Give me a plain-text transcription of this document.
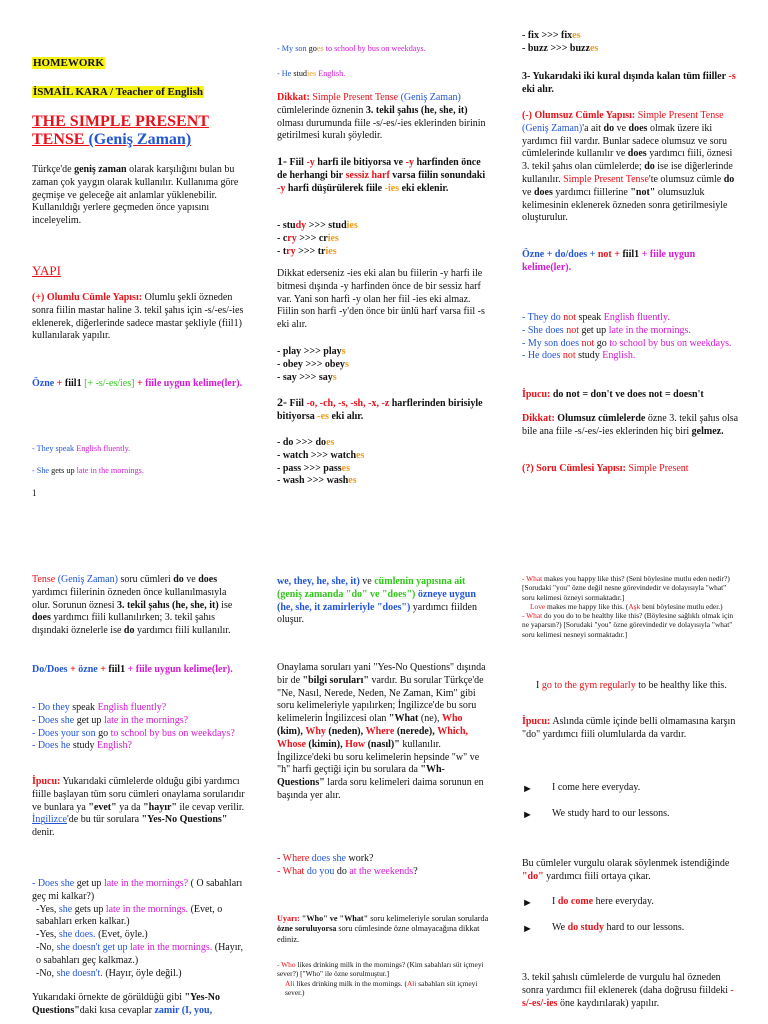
HOMEWORK
İSMAİL KARA / Teacher of English
THE SIMPLE PRESENT
TENSE (Geniş Zaman)
Türkçe'de geniş zaman olarak karşılığını bulan bu zaman çok yaygın olarak kullanılır. Kullanıma göre geçmişe ve geleceğe ait anlamlar yüklenebilir. Kullanıldığı yerlere geçmeden önce yapısını inceleyelim.
YAPI
(+) Olumlu Cümle Yapısı: Olumlu şekli özneden sonra fiilin mastar haline 3. tekil şahıs için -s/-es/-ies eklenerek, diğerlerinde sadece mastar şekliyle (fiil1) kullanılarak yapılır.
Özne + fiil1 [+ -s/-es/ies] + fiile uygun kelime(ler).
- They speak English fluently.
- She gets up late in the mornings.
1
- My son goes to school by bus on weekdays.
- He studies English.
Dikkat: Simple Present Tense (Geniş Zaman) cümlelerinde öznenin 3. tekil şahıs (he, she, it) olması durumunda fiile -s/-es/-ies eklerinden birinin getirilmesi kuralı şöyledir.
1- Fiil -y harfi ile bitiyorsa ve -y harfinden önce de herhangi bir sessiz harf varsa fiilin sonundaki -y harfi düşürülerek fiile -ies eki eklenir.
- study >>> studies
- cry >>> cries
- try >>> tries
Dikkat ederseniz -ies eki alan bu fiilerin -y harfi ile bitmesi dışında -y harfinden önce de bir sessiz harf var. Yani son harfi -y olan her fiil -ies eki almaz. Fiilin son harfi -y'den önce bir ünlü harf varsa fiil -s eki alır.
- play >>> plays
- obey >>> obeys
- say >>> says
2- Fiil -o, -ch, -s, -sh, -x, -z harflerinden birisiyle bitiyorsa -es eki alır.
- do >>> does
- watch >>> watches
- pass >>> passes
- wash >>> washes
- fix >>> fixes
- buzz >>> buzzes
3- Yukarıdaki iki kural dışında kalan tüm fiiller -s eki alır.
(-) Olumsuz Cümle Yapısı: Simple Present Tense (Geniş Zaman)'a ait do ve does olmak üzere iki yardımcı fiil vardır. Bunlar sadece olumsuz ve soru cümlelerinde kullanılır ve does yardımcı fiili, öznesi 3. tekil şahıs olan cümlelerde; do ise ise diğerlerinde kullanılır. Simple Present Tense'te olumsuz cümle do ve does yardımcı fiillerine "not" olumsuzluk kelimesinin eklenerek özneden sonra getirilmesiyle oluşturulur.
Özne + do/does + not + fiil1 + fiile uygun kelime(ler).
- They do not speak English fluently.
- She does not get up late in the mornings.
- My son does not go to school by bus on weekdays.
- He does not study English.
İpucu: do not = don't ve does not = doesn't
Dikkat: Olumsuz cümlelerde özne 3. tekil şahıs olsa bile ana fiile -s/-es/-ies eklerinden hiç biri gelmez.
(?) Soru Cümlesi Yapısı: Simple Present
Tense (Geniş Zaman) soru cümleri do ve does yardımcı fiilerinin özneden önce kullanılmasıyla olur. Sorunun öznesi 3. tekil şahıs (he, she, it) ise does yardımcı fiili kullanılırken; 3. tekil şahıs dışındaki öznelerle ise do yardımcı fiili kullanılır.
Do/Does + özne + fiil1 + fiile uygun kelime(ler).
- Do they speak English fluently?
- Does she get up late in the mornings?
- Does your son go to school by bus on weekdays?
- Does he study English?
İpucu: Yukarıdaki cümlelerde olduğu gibi yardımcı fiille başlayan tüm soru cümleri onaylama sorularıdır ve bunlara ya "evet" ya da "hayır" ile cevap verilir. İngilizce'de bu tür sorulara "Yes-No Questions" denir.
- Does she get up late in the mornings? ( O sabahları geç mi kalkar?)
-Yes, she gets up late in the mornings. (Evet, o sabahları erken kalkar.)
-Yes, she does. (Evet, öyle.)
-No, she doesn't get up late in the mornings. (Hayır, o sabahları geç kalkmaz.)
-No, she doesn't. (Hayır, öyle değil.)
Yukarıdaki örnekte de görüldüğü gibi "Yes-No Questions"daki kısa cevaplar zamir (I, you,
we, they, he, she, it) ve cümlenin yapısına ait (geniş zamanda "do" ve "does") özneye uygun (he, she, it zamirleriyle "does") yardımcı fiilden oluşur.
Onaylama soruları yani "Yes-No Questions" dışında bir de "bilgi soruları" vardır. Bu sorular Türkçe'de "Ne, Nasıl, Nerede, Neden, Ne Zaman, Kim" gibi soru kelimeleriyle yapılırken; İngilizce'de bu soru kelimelerin İngilizcesi olan "What (ne), Who (kim), Why (neden), Where (nerede), Which, Whose (kimin), How (nasıl)" kullanılır. İngilizce'deki bu soru kelimelerin hepsinde "w" ve "h" harfi geçtiği için bu sorulara da "Wh- Questions" larda soru kelimeleri daima sorunun en başında yer alır.
- Where does she work?
- What do you do at the weekends?
Uyarı: "Who" ve "What" soru kelimeleriyle sorulan sorularda özne soruluyorsa soru cümlesinde özne olmayacağına dikkat ediniz.
- Who likes drinking milk in the mornings? (Kim sabahları süt içmeyi sever?) ["Who" ile özne sorulmuştur.]
Ali likes drinking milk in the mornings. (Ali sabahları süt içmeyi sever.)
- What makes you happy like this? (Seni böylesine mutlu eden nedir?) [Sorudaki "you" özne değil nesne görevindedir ve dolayısıyla "what" soru kelimesi özneyi sormaktadır.]
Love makes me happy like this. (Aşk beni böylesine mutlu eder.)
- What do you do to be healthy like this? (Böylesine sağlıklı olmak için ne yaparsın?) [Sorudaki "you" özne görevindedir ve dolayısıyla "what" soru kelimesi nesneyi sormaktadır.]
I go to the gym regularly to be healthy like this.
İpucu: Aslında cümle içinde belli olmamasına karşın "do" yardımcı fiili olumlularda da vardır.
►	I come here everyday.
►	We study hard to our lessons.
Bu cümleler vurgulu olarak söylenmek istendiğinde "do" yardımcı fiili ortaya çıkar.
►	I do come here everyday.
►	We do study hard to our lessons.
3. tekil şahıslı cümlelerde de vurgulu hal özneden sonra yardımcı fiil eklenerek (daha doğrusu fiildeki -s/-es/-ies öne kaydırılarak) yapılır.
